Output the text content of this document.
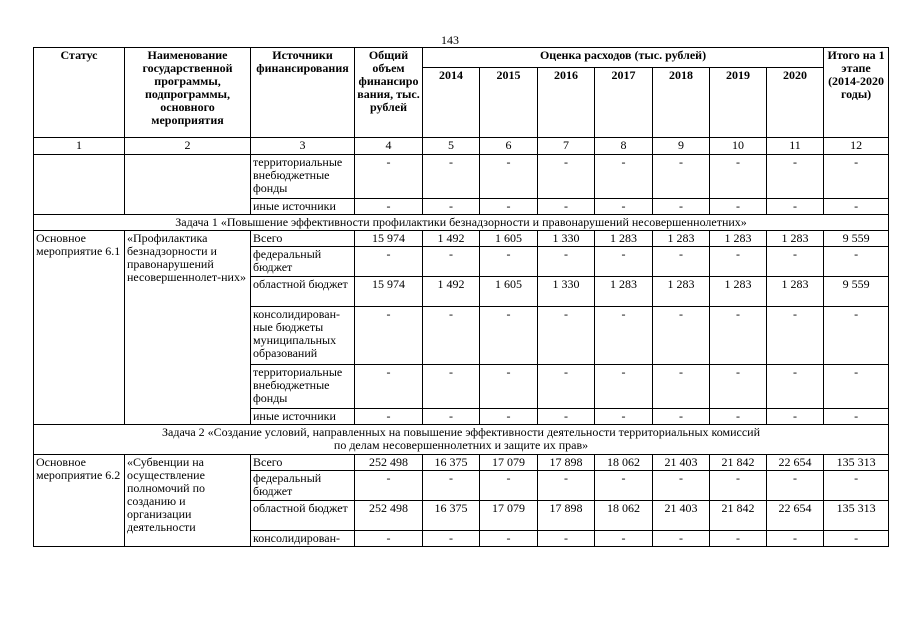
143
Статус	Наименование государственной программы, подпрограммы, основного мероприятия	Источники финансирования	Общий объем финансиро вания, тыс. рублей	Оценка расходов (тыс. рублей)							Итого на 1 этапе (2014-2020 годы)
				2014	2015	2016	2017	2018	2019	2020	
1	2	3	4	5	6	7	8	9	10	11	12
		территориальные внебюджетные фонды	-	-	-	-	-	-	-	-	-
		иные источники	-	-	-	-	-	-	-	-	-
Задача 1 «Повышение эффективности профилактики безнадзорности и правонарушений несовершеннолетних»											
Основное мероприятие 6.1	«Профилактика безнадзорности и правонарушений несовершеннолет-них»	Всего	15 974	1 492	1 605	1 330	1 283	1 283	1 283	1 283	9 559
		федеральный бюджет	-	-	-	-	-	-	-	-	-
		областной бюджет	15 974	1 492	1 605	1 330	1 283	1 283	1 283	1 283	9 559
		консолидирован-ные бюджеты муниципальных образований	-	-	-	-	-	-	-	-	-
		территориальные внебюджетные фонды	-	-	-	-	-	-	-	-	-
		иные источники	-	-	-	-	-	-	-	-	-

Задача 2 «Создание условий, направленных на повышение эффективности деятельности территориальных комиссий
по делам несовершеннолетних и защите их прав»											

Основное мероприятие 6.2	«Субвенции на осуществление полномочий по созданию и организации деятельности	Всего	252 498	16 375	17 079	17 898	18 062	21 403	21 842	22 654	135 313
		федеральный бюджет	-	-	-	-	-	-	-	-	-
		областной бюджет	252 498	16 375	17 079	17 898	18 062	21 403	21 842	22 654	135 313
		консолидирован-	-	-	-	-	-	-	-	-	-
